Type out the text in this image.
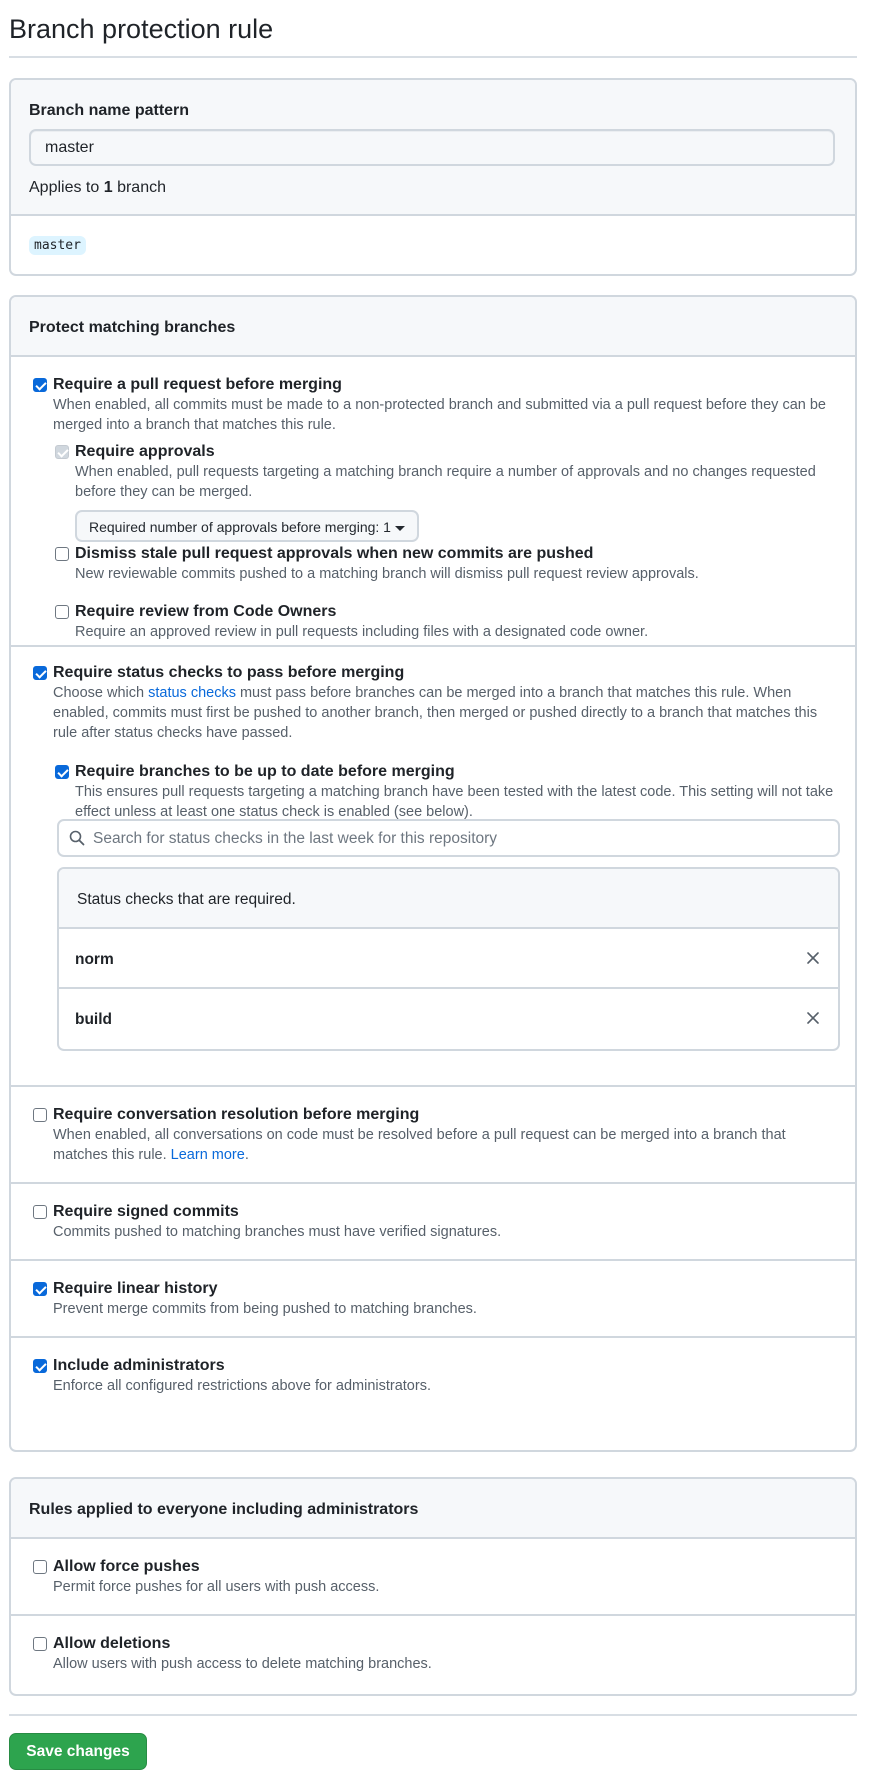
Branch protection rule
Branch name pattern
master
Applies to 1 branch
master
Protect matching branches
Require a pull request before merging
When enabled, all commits must be made to a non-protected branch and submitted via a pull request before they can be merged into a branch that matches this rule.
Require approvals
When enabled, pull requests targeting a matching branch require a number of approvals and no changes requested before they can be merged.
Required number of approvals before merging: 1
Dismiss stale pull request approvals when new commits are pushed
New reviewable commits pushed to a matching branch will dismiss pull request review approvals.
Require review from Code Owners
Require an approved review in pull requests including files with a designated code owner.
Require status checks to pass before merging
Choose which status checks must pass before branches can be merged into a branch that matches this rule. When enabled, commits must first be pushed to another branch, then merged or pushed directly to a branch that matches this rule after status checks have passed.
Require branches to be up to date before merging
This ensures pull requests targeting a matching branch have been tested with the latest code. This setting will not take effect unless at least one status check is enabled (see below).
Search for status checks in the last week for this repository
Status checks that are required.
norm
build
Require conversation resolution before merging
When enabled, all conversations on code must be resolved before a pull request can be merged into a branch that matches this rule. Learn more.
Require signed commits
Commits pushed to matching branches must have verified signatures.
Require linear history
Prevent merge commits from being pushed to matching branches.
Include administrators
Enforce all configured restrictions above for administrators.
Rules applied to everyone including administrators
Allow force pushes
Permit force pushes for all users with push access.
Allow deletions
Allow users with push access to delete matching branches.
Save changes
